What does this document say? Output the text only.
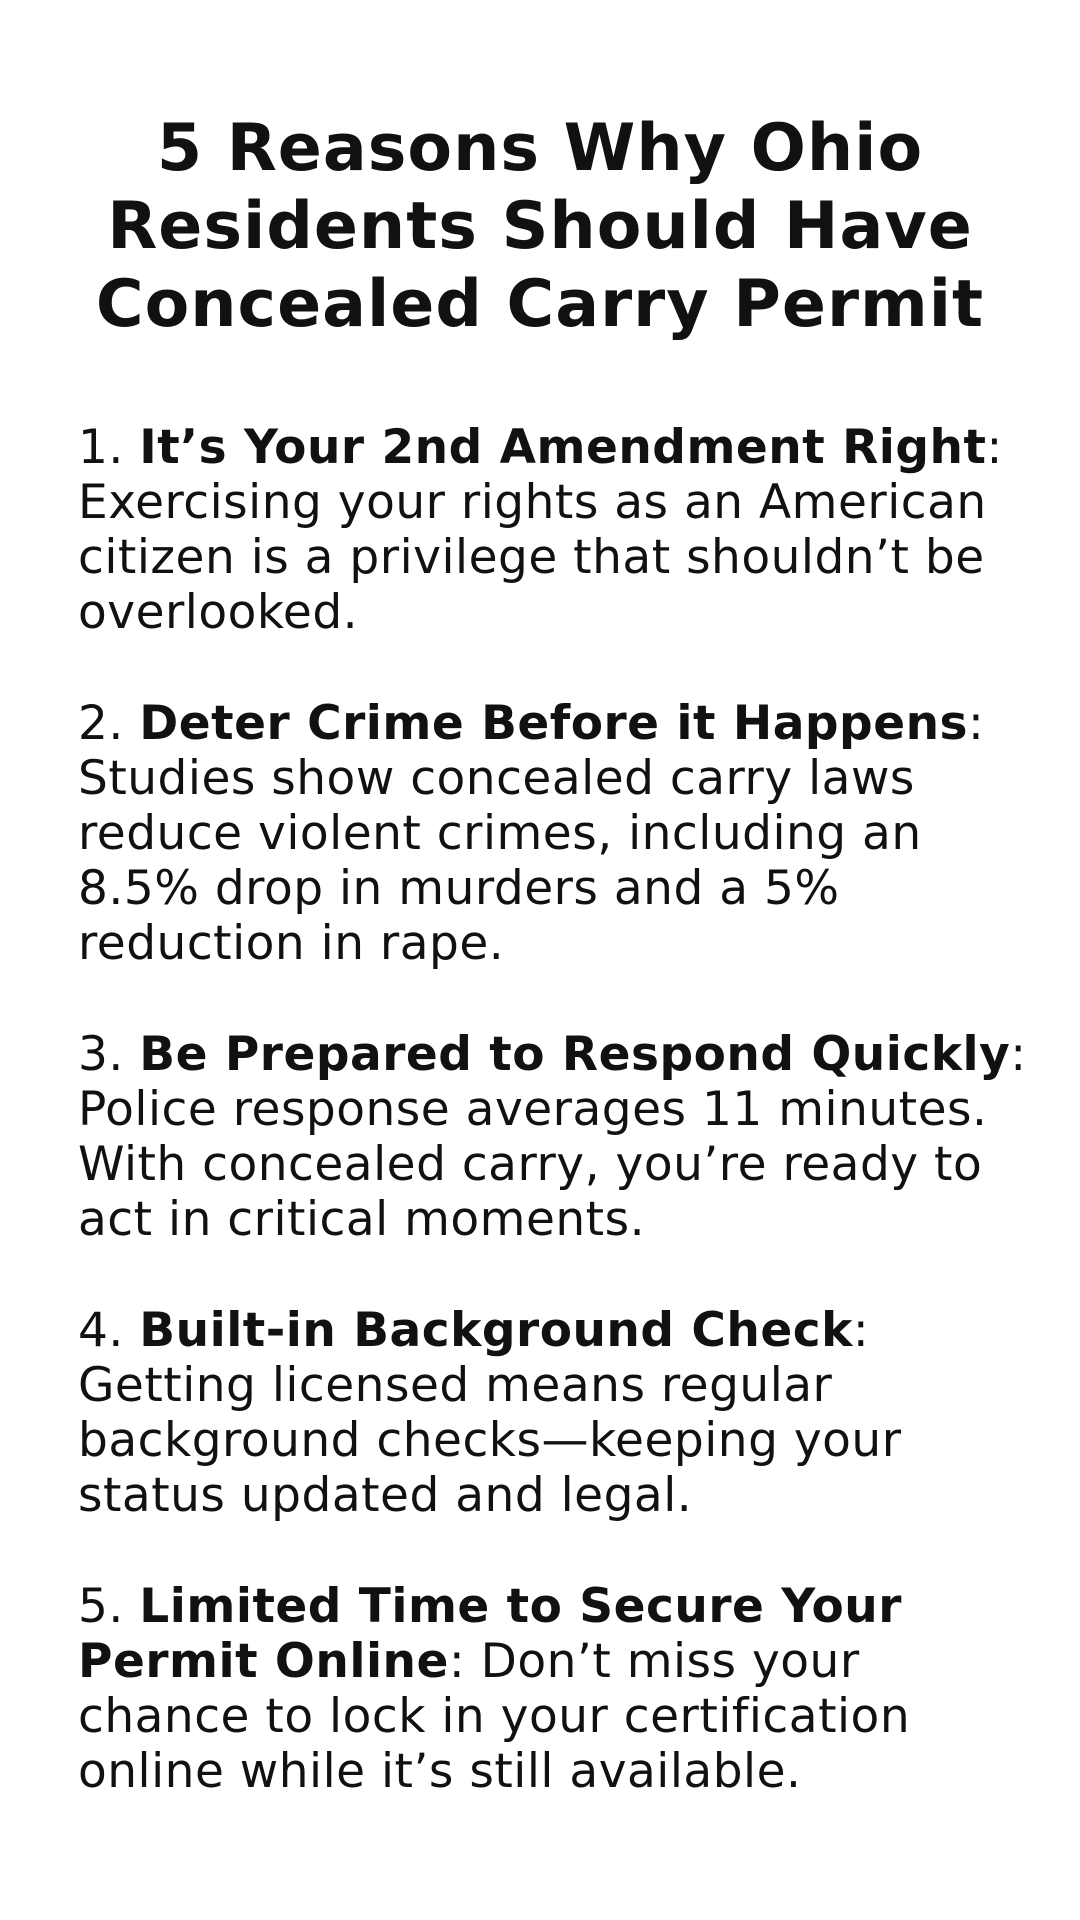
5 Reasons Why Ohio
Residents Should Have
Concealed Carry Permit
1. It’s Your 2nd Amendment Right:
Exercising your rights as an American
citizen is a privilege that shouldn’t be
overlooked.
2. Deter Crime Before it Happens:
Studies show concealed carry laws
reduce violent crimes, including an
8.5% drop in murders and a 5%
reduction in rape.
3. Be Prepared to Respond Quickly:
Police response averages 11 minutes.
With concealed carry, you’re ready to
act in critical moments.
4. Built-in Background Check:
Getting licensed means regular
background checks—keeping your
status updated and legal.
5. Limited Time to Secure Your
Permit Online: Don’t miss your
chance to lock in your certification
online while it’s still available.
